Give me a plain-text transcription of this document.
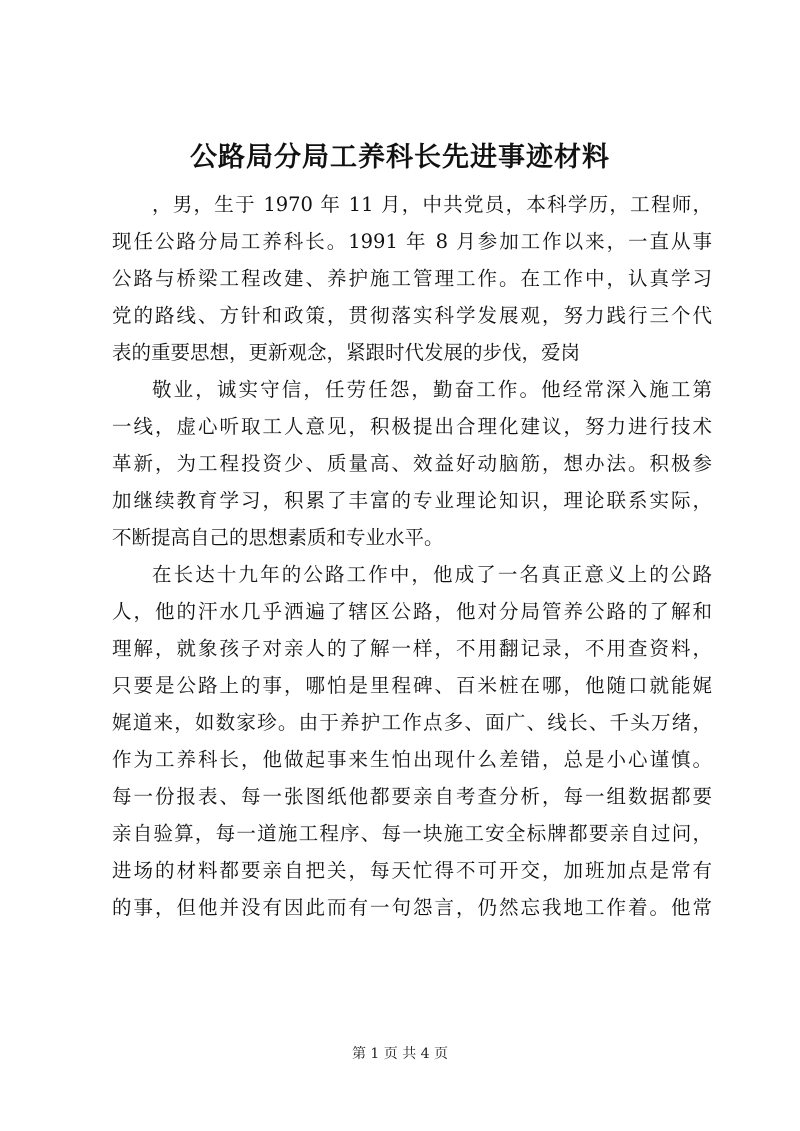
公路局分局工养科长先进事迹材料
，男，生于 1970 年 11 月，中共党员，本科学历，工程师，
现任公路分局工养科长。1991 年 8 月参加工作以来，一直从事
公路与桥梁工程改建、养护施工管理工作。在工作中，认真学习
党的路线、方针和政策，贯彻落实科学发展观，努力践行三个代
表的重要思想，更新观念，紧跟时代发展的步伐，爱岗
敬业，诚实守信，任劳任怨，勤奋工作。他经常深入施工第
一线，虚心听取工人意见，积极提出合理化建议，努力进行技术
革新，为工程投资少、质量高、效益好动脑筋，想办法。积极参
加继续教育学习，积累了丰富的专业理论知识，理论联系实际，
不断提高自己的思想素质和专业水平。
在长达十九年的公路工作中，他成了一名真正意义上的公路
人，他的汗水几乎洒遍了辖区公路，他对分局管养公路的了解和
理解，就象孩子对亲人的了解一样，不用翻记录，不用查资料，
只要是公路上的事，哪怕是里程碑、百米桩在哪，他随口就能娓
娓道来，如数家珍。由于养护工作点多、面广、线长、千头万绪，
作为工养科长，他做起事来生怕出现什么差错，总是小心谨慎。
每一份报表、每一张图纸他都要亲自考查分析，每一组数据都要
亲自验算，每一道施工程序、每一块施工安全标牌都要亲自过问，
进场的材料都要亲自把关，每天忙得不可开交，加班加点是常有
的事，但他并没有因此而有一句怨言，仍然忘我地工作着。他常
第 1 页 共 4 页
